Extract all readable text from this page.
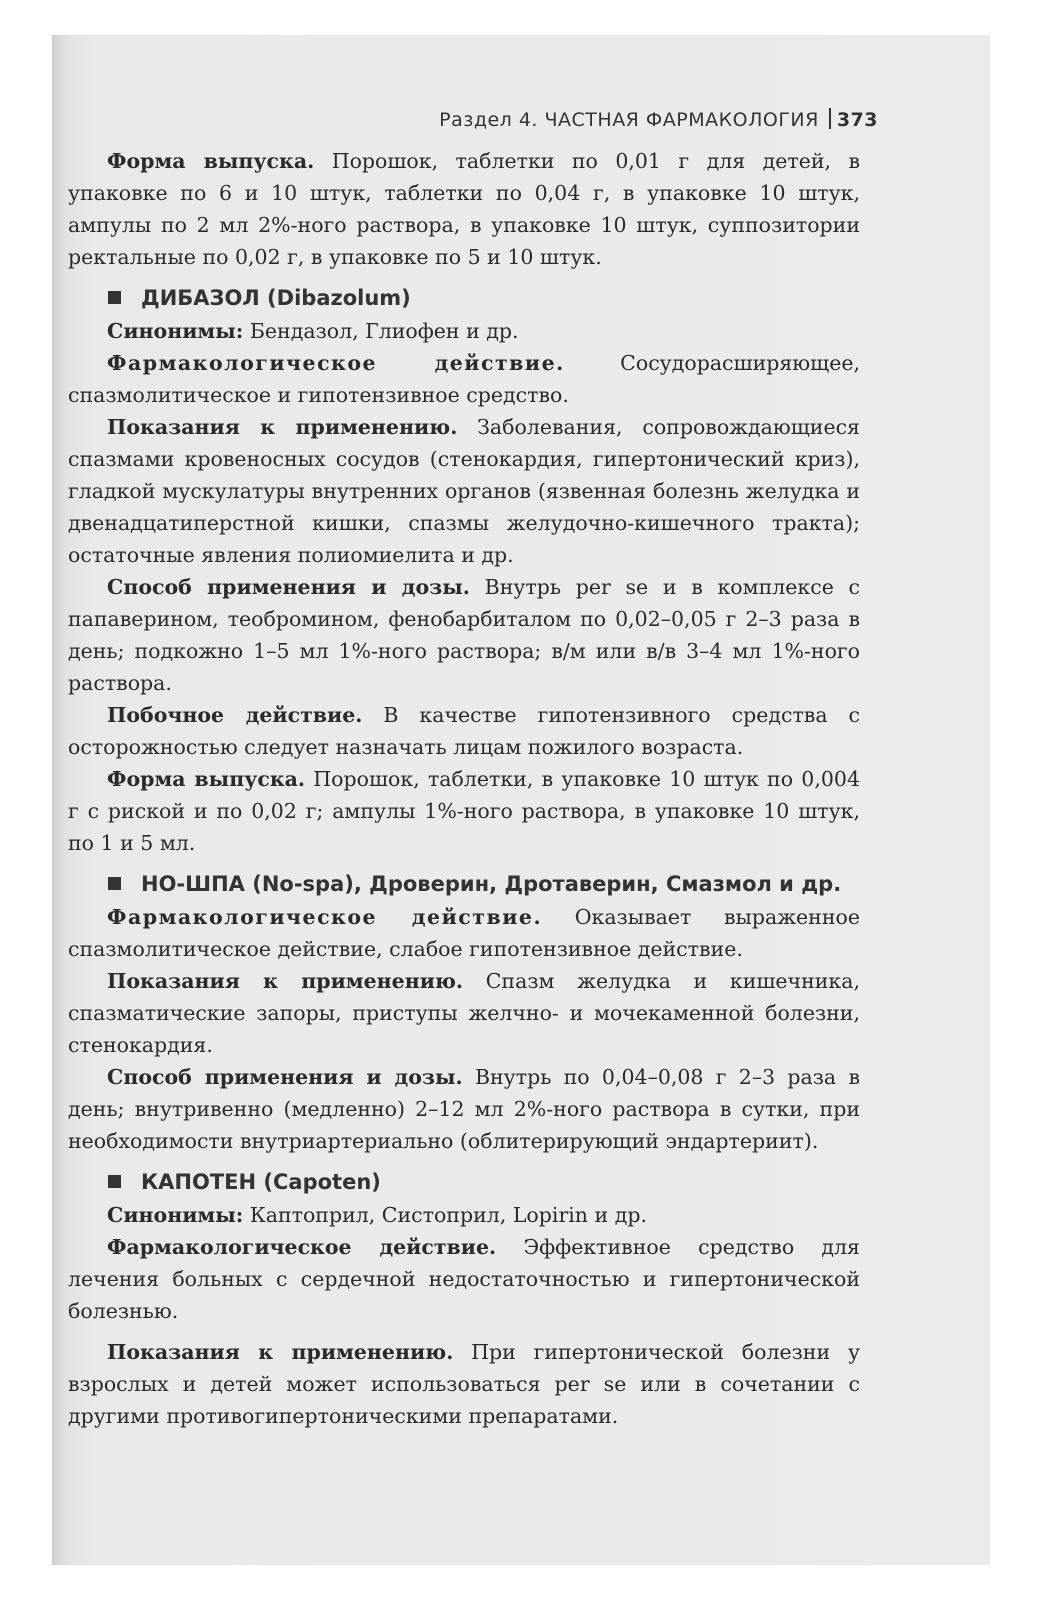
Раздел 4. ЧАСТНАЯ ФАРМАКОЛОГИЯ 373

Форма выпуска. Порошок, таблетки по 0,01 г для детей, в упаковке по 6 и 10 штук, таблетки по 0,04 г, в упаковке 10 штук, ампулы по 2 мл 2%-ного раствора, в упаковке 10 штук, суппозитории ректальные по 0,02 г, в упаковке по 5 и 10 штук.

ДИБАЗОЛ (Dibazolum)

Синонимы: Бендазол, Глиофен и др.

Фармакологическое действие. Сосудорасширяющее, спазмолитическое и гипотензивное средство.

Показания к применению. Заболевания, сопровождающиеся спазмами кровеносных сосудов (стенокардия, гипертонический криз), гладкой мускулатуры внутренних органов (язвенная болезнь желудка и двенадцатиперстной кишки, спазмы желудочно-кишечного тракта); остаточные явления полиомиелита и др.

Способ применения и дозы. Внутрь per se и в комплексе с папаверином, теобромином, фенобарбиталом по 0,02–0,05 г 2–3 раза в день; подкожно 1–5 мл 1%-ного раствора; в/м или в/в 3–4 мл 1%-ного раствора.

Побочное действие. В качестве гипотензивного средства с осторожностью следует назначать лицам пожилого возраста.

Форма выпуска. Порошок, таблетки, в упаковке 10 штук по 0,004 г с риской и по 0,02 г; ампулы 1%-ного раствора, в упаковке 10 штук, по 1 и 5 мл.

НО-ШПА (No-spa), Дроверин, Дротаверин, Смазмол и др.

Фармакологическое действие. Оказывает выраженное спазмолитическое действие, слабое гипотензивное действие.

Показания к применению. Спазм желудка и кишечника, спазматические запоры, приступы желчно- и мочекаменной болезни, стенокардия.

Способ применения и дозы. Внутрь по 0,04–0,08 г 2–3 раза в день; внутривенно (медленно) 2–12 мл 2%-ного раствора в сутки, при необходимости внутриартериально (облитерирующий эндартериит).

КАПОТЕН (Capoten)

Синонимы: Каптоприл, Систоприл, Lopirin и др.

Фармакологическое действие. Эффективное средство для лечения больных с сердечной недостаточностью и гипертонической болезнью.

Показания к применению. При гипертонической болезни у взрослых и детей может использоваться per se или в сочетании с другими противогипертоническими препаратами.
